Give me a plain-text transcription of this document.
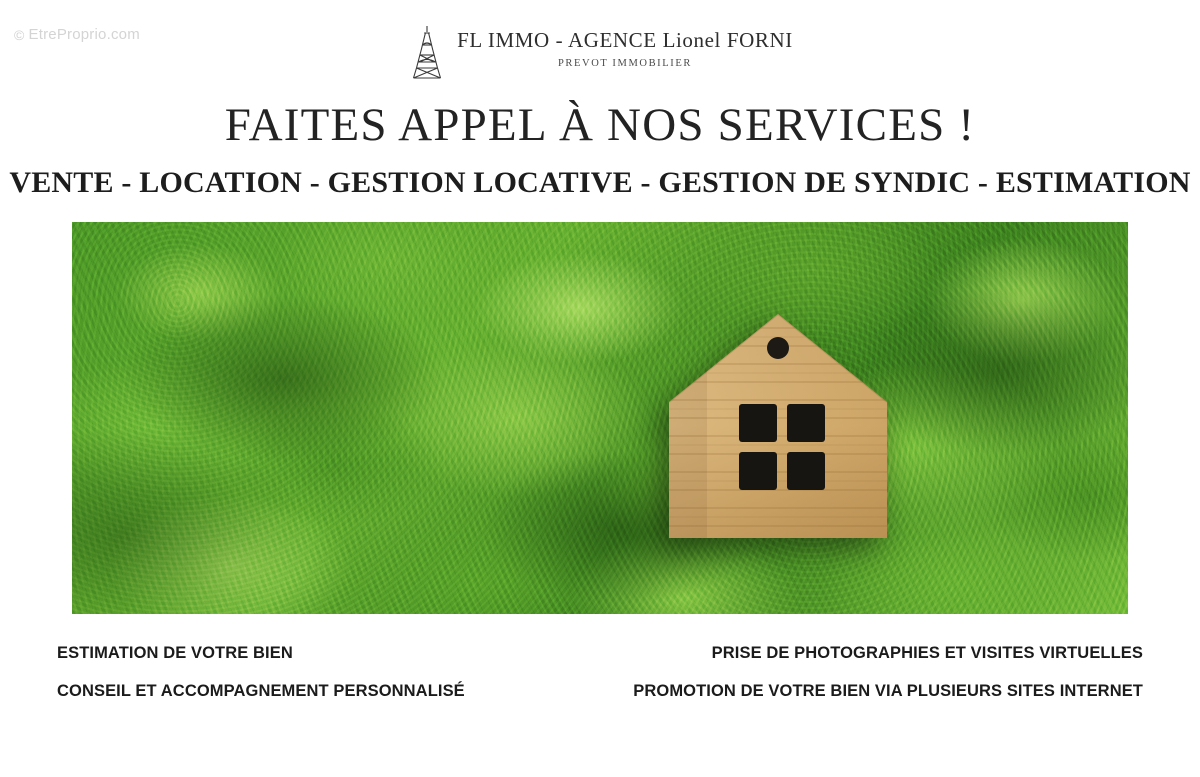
© EtreProprio.com	FL IMMO - AGENCE Lionel FORNI
PREVOT IMMOBILIER
FAITES APPEL À NOS SERVICES !
VENTE - LOCATION - GESTION LOCATIVE - GESTION DE SYNDIC - ESTIMATION
ESTIMATION DE VOTRE BIEN
CONSEIL ET ACCOMPAGNEMENT PERSONNALISÉ
PRISE DE PHOTOGRAPHIES ET VISITES VIRTUELLES
PROMOTION DE VOTRE BIEN VIA PLUSIEURS SITES INTERNET
